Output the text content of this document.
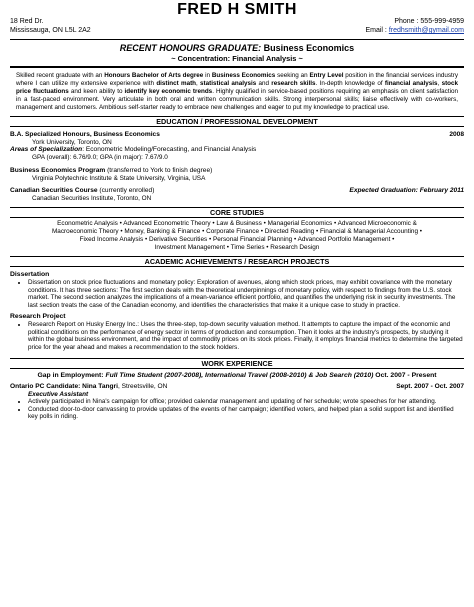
FRED H SMITH
18 Red Dr.
Mississauga, ON L5L 2A2
Phone : 555-999-4959
Email : fredhsmith@gymail.com
RECENT HONOURS GRADUATE: Business Economics
~ Concentration: Financial Analysis ~
Skilled recent graduate with an Honours Bachelor of Arts degree in Business Economics seeking an Entry Level position in the financial services industry where I can utilize my extensive experience with distinct math, statistical analysis and research skills. In-depth knowledge of financial analysis, stock price fluctuations and keen ability to identify key economic trends. Highly qualified in service-based positions requiring an emphasis on client satisfaction in a fast-paced environment. Very articulate in both oral and written communication skills. Strong interpersonal skills; liaise effectively with co-workers, management and customers. Ambitious self-starter ready to embrace new challenges and eager to put my knowledge to practical use.
EDUCATION / PROFESSIONAL DEVELOPMENT
B.A. Specialized Honours, Business Economics	2008
York University, Toronto, ON
Areas of Specialization: Econometric Modeling/Forecasting, and Financial Analysis
GPA (overall): 6.76/9.0; GPA (in major): 7.67/9.0
Business Economics Program (transferred to York to finish degree)
Virginia Polytechnic Institute & State University, Virginia, USA
Canadian Securities Course (currently enrolled)	Expected Graduation: February 2011
Canadian Securities Institute, Toronto, ON
CORE STUDIES
Econometric Analysis • Advanced Econometric Theory • Law & Business • Managerial Economics • Advanced Microeconomic &
Macroeconomic Theory • Money, Banking & Finance • Corporate Finance • Directed Reading • Financial & Managerial Accounting •
Fixed Income Analysis • Derivative Securities • Personal Financial Planning • Advanced Portfolio Management •
Investment Management • Time Series • Research Design
ACADEMIC ACHIEVEMENTS / RESEARCH PROJECTS
Dissertation
• Dissertation on stock price fluctuations and monetary policy: Exploration of avenues, along which stock prices, may exhibit covariance with the monetary conditions. It has three sections: The first section deals with the theoretical underpinnings of monetary policy, with respect to findings from the U.S. stock market. The second section analyzes the implications of a mean-variance efficient portfolio, and quantifies the underlying risk in security investments. The last section treats the case of the Canadian economy, and identifies the characteristics that make it a unique case to study in practice.
Research Project
• Research Report on Husky Energy Inc.: Uses the three-step, top-down security valuation method. It attempts to capture the impact of the economic and political conditions on the performance of energy sector in terms of production and consumption. Then it looks at the industry's prospects, by studying it within the global business environment, and the impact of commodity prices on its stock prices. Finally, it employs financial metrics to determine the targeted price for the year ahead and makes a recommendation to the stock holders.
WORK EXPERIENCE
Gap in Employment: Full Time Student (2007-2008), International Travel (2008-2010) & Job Search (2010) Oct. 2007 - Present
Ontario PC Candidate: Nina Tangri, Streetsville, ON	Sept. 2007 - Oct. 2007
Executive Assistant
• Actively participated in Nina's campaign for office; provided calendar management and updating of her schedule; wrote speeches for her attending.
• Conducted door-to-door canvassing to provide updates of the events of her campaign; identified voters, and helped plan a solid support list and identified key polls in riding.
